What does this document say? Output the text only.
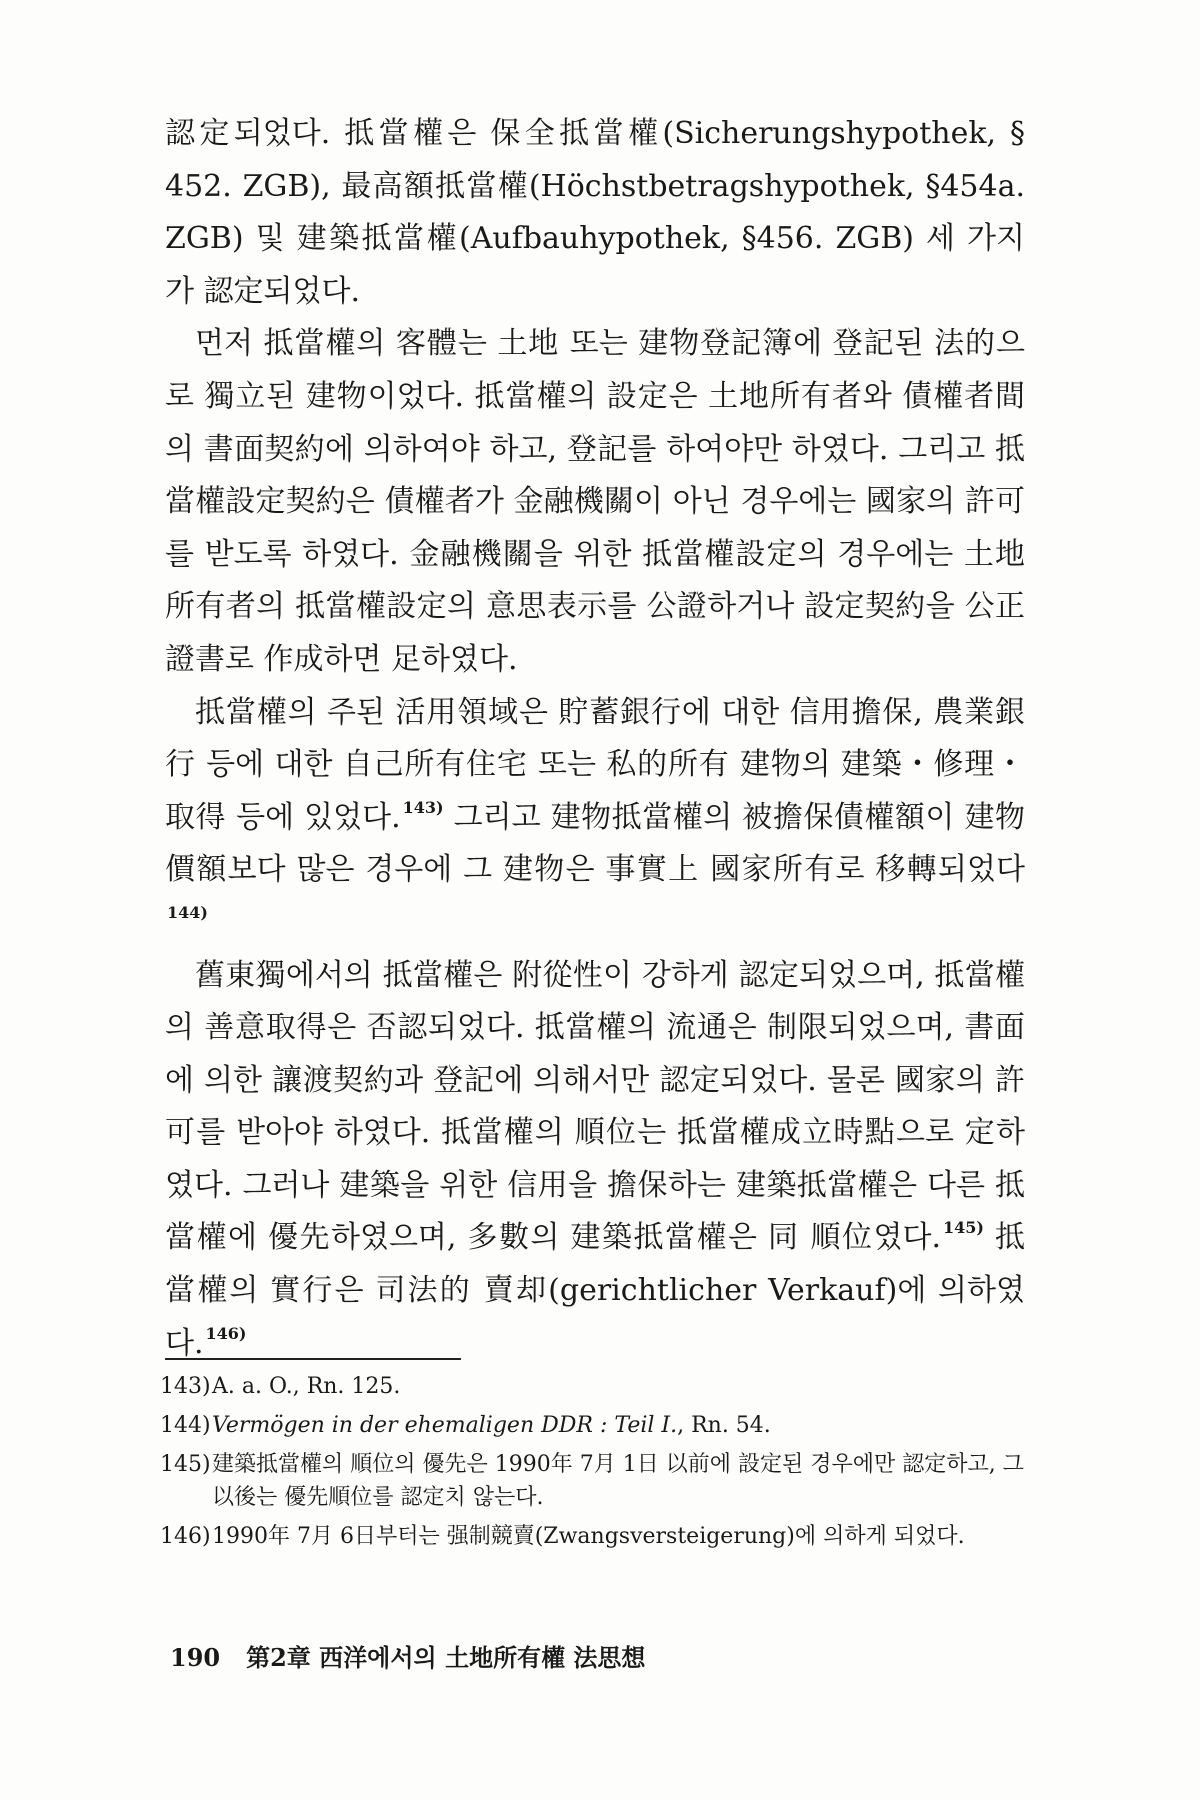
認定되었다. 抵當權은 保全抵當權(Sicherungshypothek, § 452. ZGB), 最高額抵當權(Höchstbetragshypothek, §454a. ZGB) 및 建築抵當權(Aufbauhypothek, §456. ZGB) 세 가지가 認定되었다.

먼저 抵當權의 客體는 土地 또는 建物登記簿에 登記된 法的으로 獨立된 建物이었다. 抵當權의 設定은 土地所有者와 債權者間의 書面契約에 의하여야 하고, 登記를 하여야만 하였다. 그리고 抵當權設定契約은 債權者가 金融機關이 아닌 경우에는 國家의 許可를 받도록 하였다. 金融機關을 위한 抵當權設定의 경우에는 土地所有者의 抵當權設定의 意思表示를 公證하거나 設定契約을 公正證書로 作成하면 足하였다.

抵當權의 주된 活用領域은 貯蓄銀行에 대한 信用擔保, 農業銀行 등에 대한 自己所有住宅 또는 私的所有 建物의 建築・修理・取得 등에 있었다. $^{143)}$ 그리고 建物抵當權의 被擔保債權額이 建物價額보다 많은 경우에 그 建物은 事實上 國家所有로 移轉되었다$^{144)}$

舊東獨에서의 抵當權은 附從性이 강하게 認定되었으며, 抵當權의 善意取得은 否認되었다. 抵當權의 流通은 制限되었으며, 書面에 의한 讓渡契約과 登記에 의해서만 認定되었다. 물론 國家의 許可를 받아야 하였다. 抵當權의 順位는 抵當權成立時點으로 定하였다. 그러나 建築을 위한 信用을 擔保하는 建築抵當權은 다른 抵當權에 優先하였으며, 多數의 建築抵當權은 同 順位였다. $^{145)}$ 抵當權의 實行은 司法的 賣却(gerichtlicher Verkauf)에 의하였다. $^{146)}$

143)A. a. O., Rn. 125.

144)Vermögen in der ehemaligen DDR : Teil I., Rn. 54.

145)建築抵當權의 順位의 優先은 1990年 7月 1日 以前에 設定된 경우에만 認定하고, 그 以後는 優先順位를 認定치 않는다.

146)1990年 7月 6日부터는 强制競賣(Zwangsversteigerung)에 의하게 되었다.

190 第2章 西洋에서의 土地所有權 法思想
